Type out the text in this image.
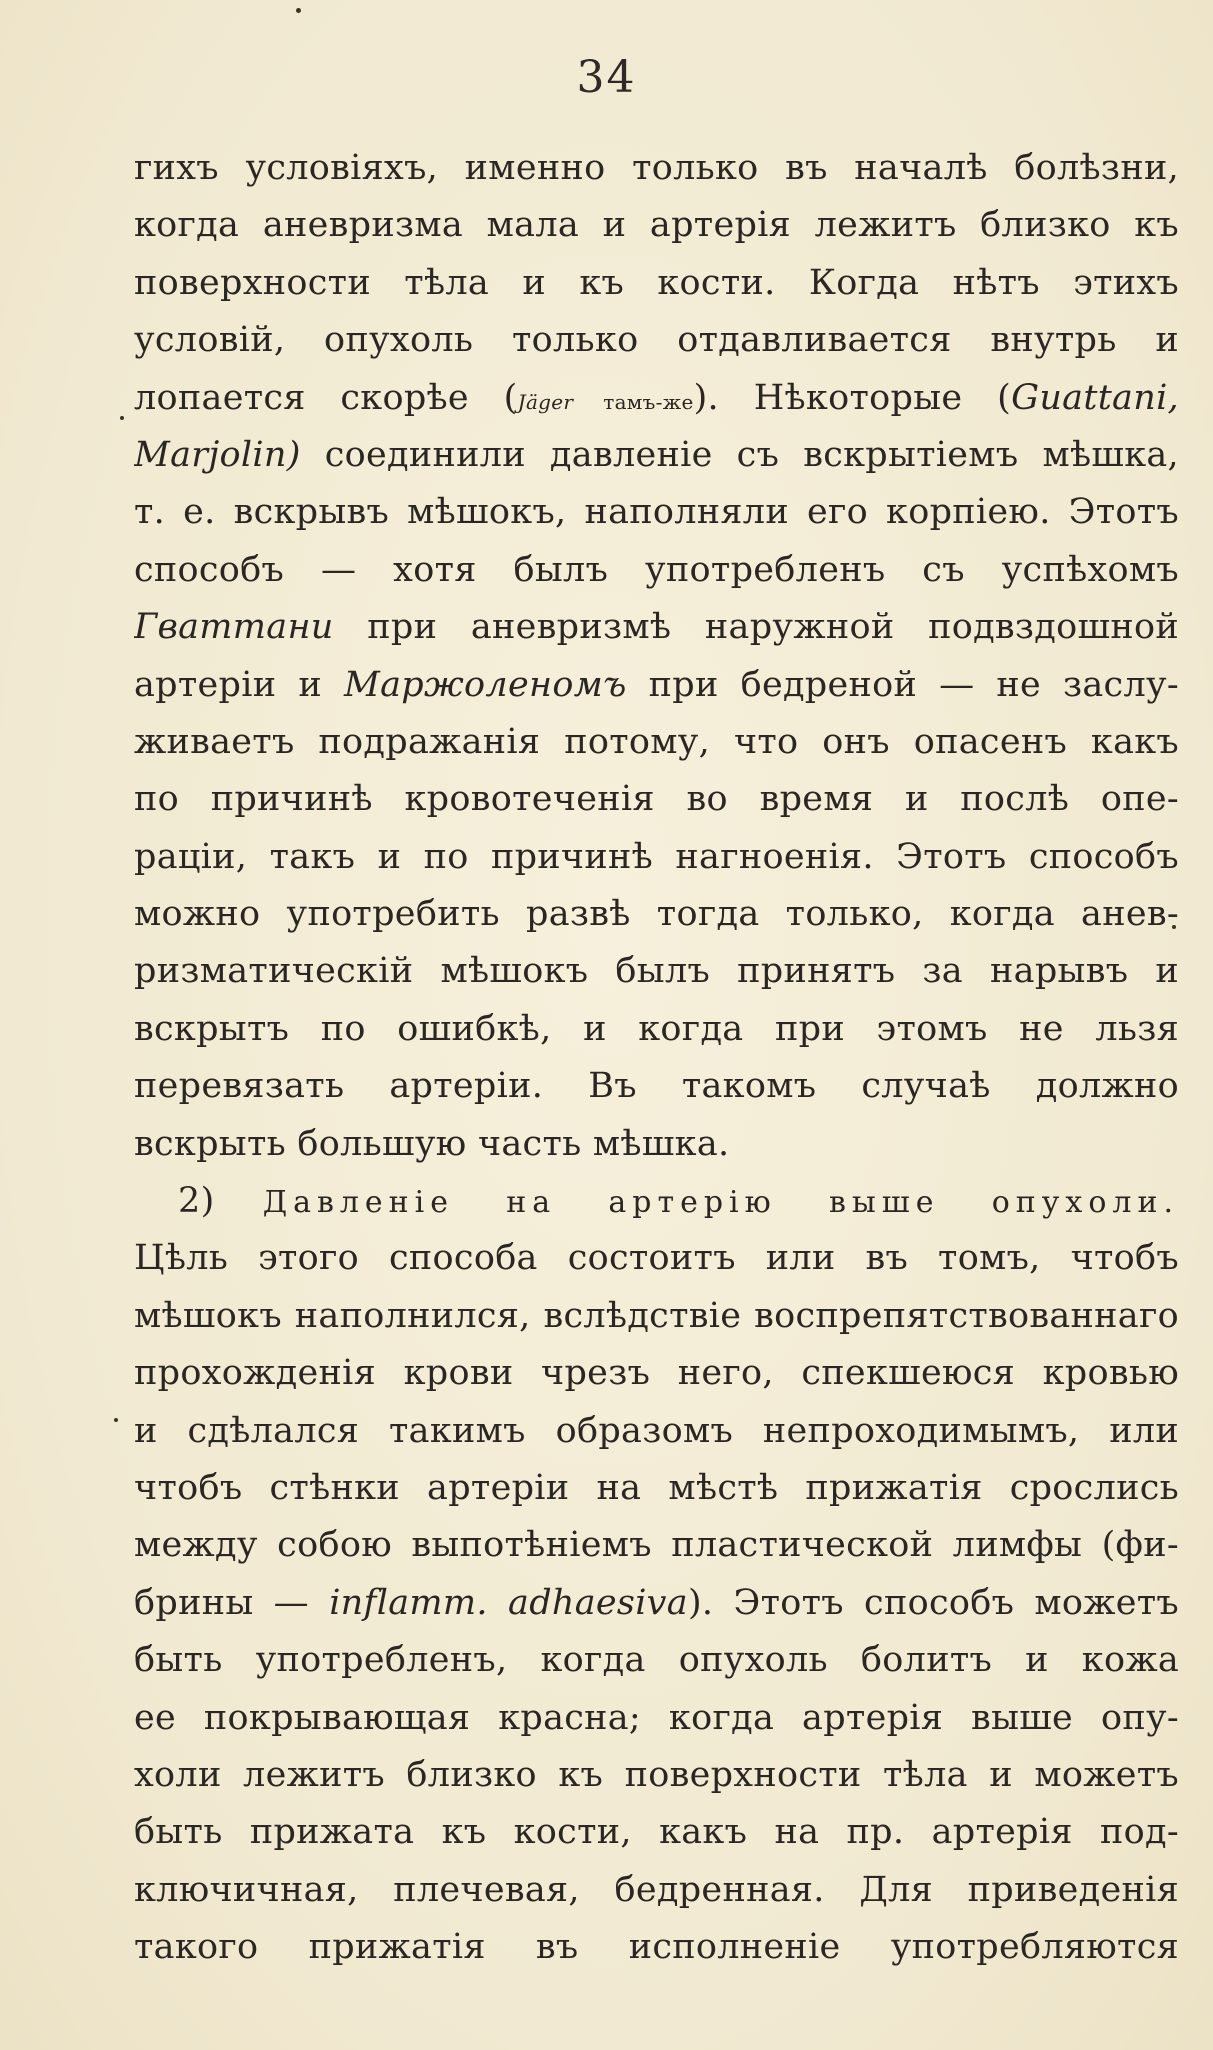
34
гихъ условіяхъ, именно только въ началѣ болѣзни,
когда аневризма мала и артерія лежитъ близко къ
поверхности тѣла и къ кости. Когда нѣтъ этихъ
условій, опухоль только отдавливается внутрь и
лопается скорѣе (Jäger тамъ-же). Нѣкоторые (Guattani,
Marjolin) соединили давленіе съ вскрытіемъ мѣшка,
т. е. вскрывъ мѣшокъ, наполняли его корпіею. Этотъ
способъ — хотя былъ употребленъ съ успѣхомъ
Гваттани при аневризмѣ наружной подвздошной
артеріи и Маржоленомъ при бедреной — не заслу-
живаетъ подражанія потому, что онъ опасенъ какъ
по причинѣ кровотеченія во время и послѣ опе-
раціи, такъ и по причинѣ нагноенія. Этотъ способъ
можно употребить развѣ тогда только, когда анев-
ризматическій мѣшокъ былъ принятъ за нарывъ и
вскрытъ по ошибкѣ, и когда при этомъ не льзя
перевязать артеріи. Въ такомъ случаѣ должно
вскрыть большую часть мѣшка.
2) Давленіе на артерію выше опухоли.
Цѣль этого способа состоитъ или въ томъ, чтобъ
мѣшокъ наполнился, вслѣдствіе воспрепятствованнаго
прохожденія крови чрезъ него, спекшеюся кровью
и сдѣлался такимъ образомъ непроходимымъ, или
чтобъ стѣнки артеріи на мѣстѣ прижатія срослись
между собою выпотѣніемъ пластической лимфы (фи-
брины — inflamm. adhaesiva). Этотъ способъ можетъ
быть употребленъ, когда опухоль болитъ и кожа
ее покрывающая красна; когда артерія выше опу-
холи лежитъ близко къ поверхности тѣла и можетъ
быть прижата къ кости, какъ на пр. артерія под-
ключичная, плечевая, бедренная. Для приведенія
такого прижатія въ исполненіе употребляются
